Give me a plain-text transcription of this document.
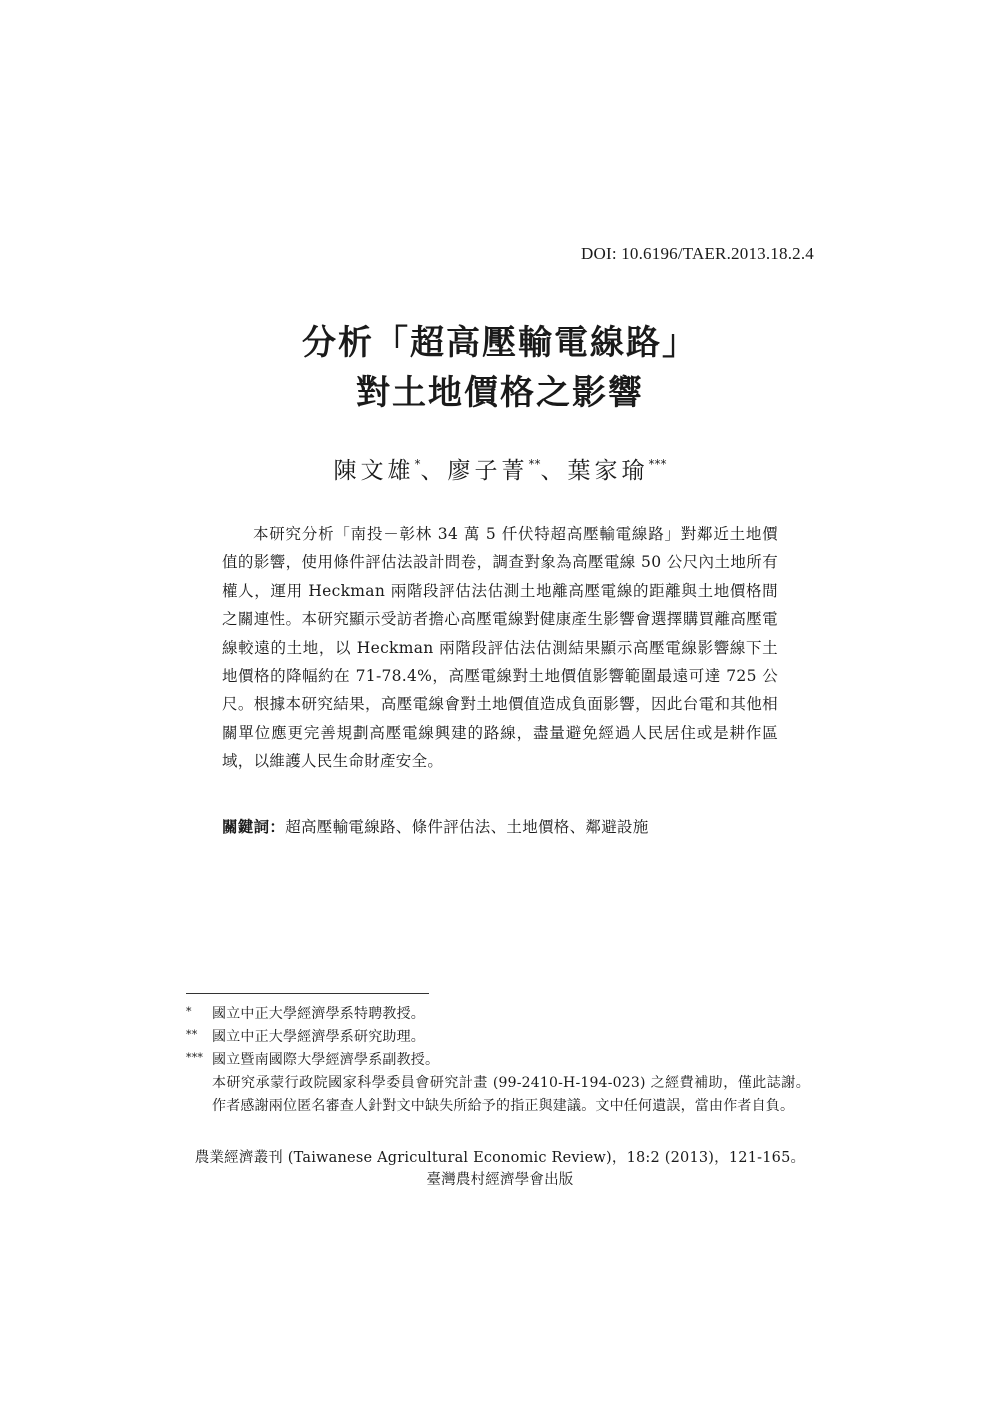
DOI: 10.6196/TAER.2013.18.2.4
分析「超高壓輸電線路」
對土地價格之影響
陳文雄*、廖子菁**、葉家瑜***
本研究分析「南投－彰林 34 萬 5 仟伏特超高壓輸電線路」對鄰近土地價值的影響，使用條件評估法設計問卷，調查對象為高壓電線 50 公尺內土地所有權人，運用 Heckman 兩階段評估法估測土地離高壓電線的距離與土地價格間之關連性。本研究顯示受訪者擔心高壓電線對健康產生影響會選擇購買離高壓電線較遠的土地，以 Heckman 兩階段評估法估測結果顯示高壓電線影響線下土地價格的降幅約在 71-78.4%，高壓電線對土地價值影響範圍最遠可達 725 公尺。根據本研究結果，高壓電線會對土地價值造成負面影響，因此台電和其他相關單位應更完善規劃高壓電線興建的路線，盡量避免經過人民居住或是耕作區域，以維護人民生命財產安全。
關鍵詞：超高壓輸電線路、條件評估法、土地價格、鄰避設施
*	國立中正大學經濟學系特聘教授。
**	國立中正大學經濟學系研究助理。
*** 國立暨南國際大學經濟學系副教授。
本研究承蒙行政院國家科學委員會研究計畫 (99-2410-H-194-023) 之經費補助，僅此誌謝。作者感謝兩位匿名審查人針對文中缺失所給予的指正與建議。文中任何遺誤，當由作者自負。
農業經濟叢刊 (Taiwanese Agricultural Economic Review)，18:2 (2013)，121-165。
臺灣農村經濟學會出版
